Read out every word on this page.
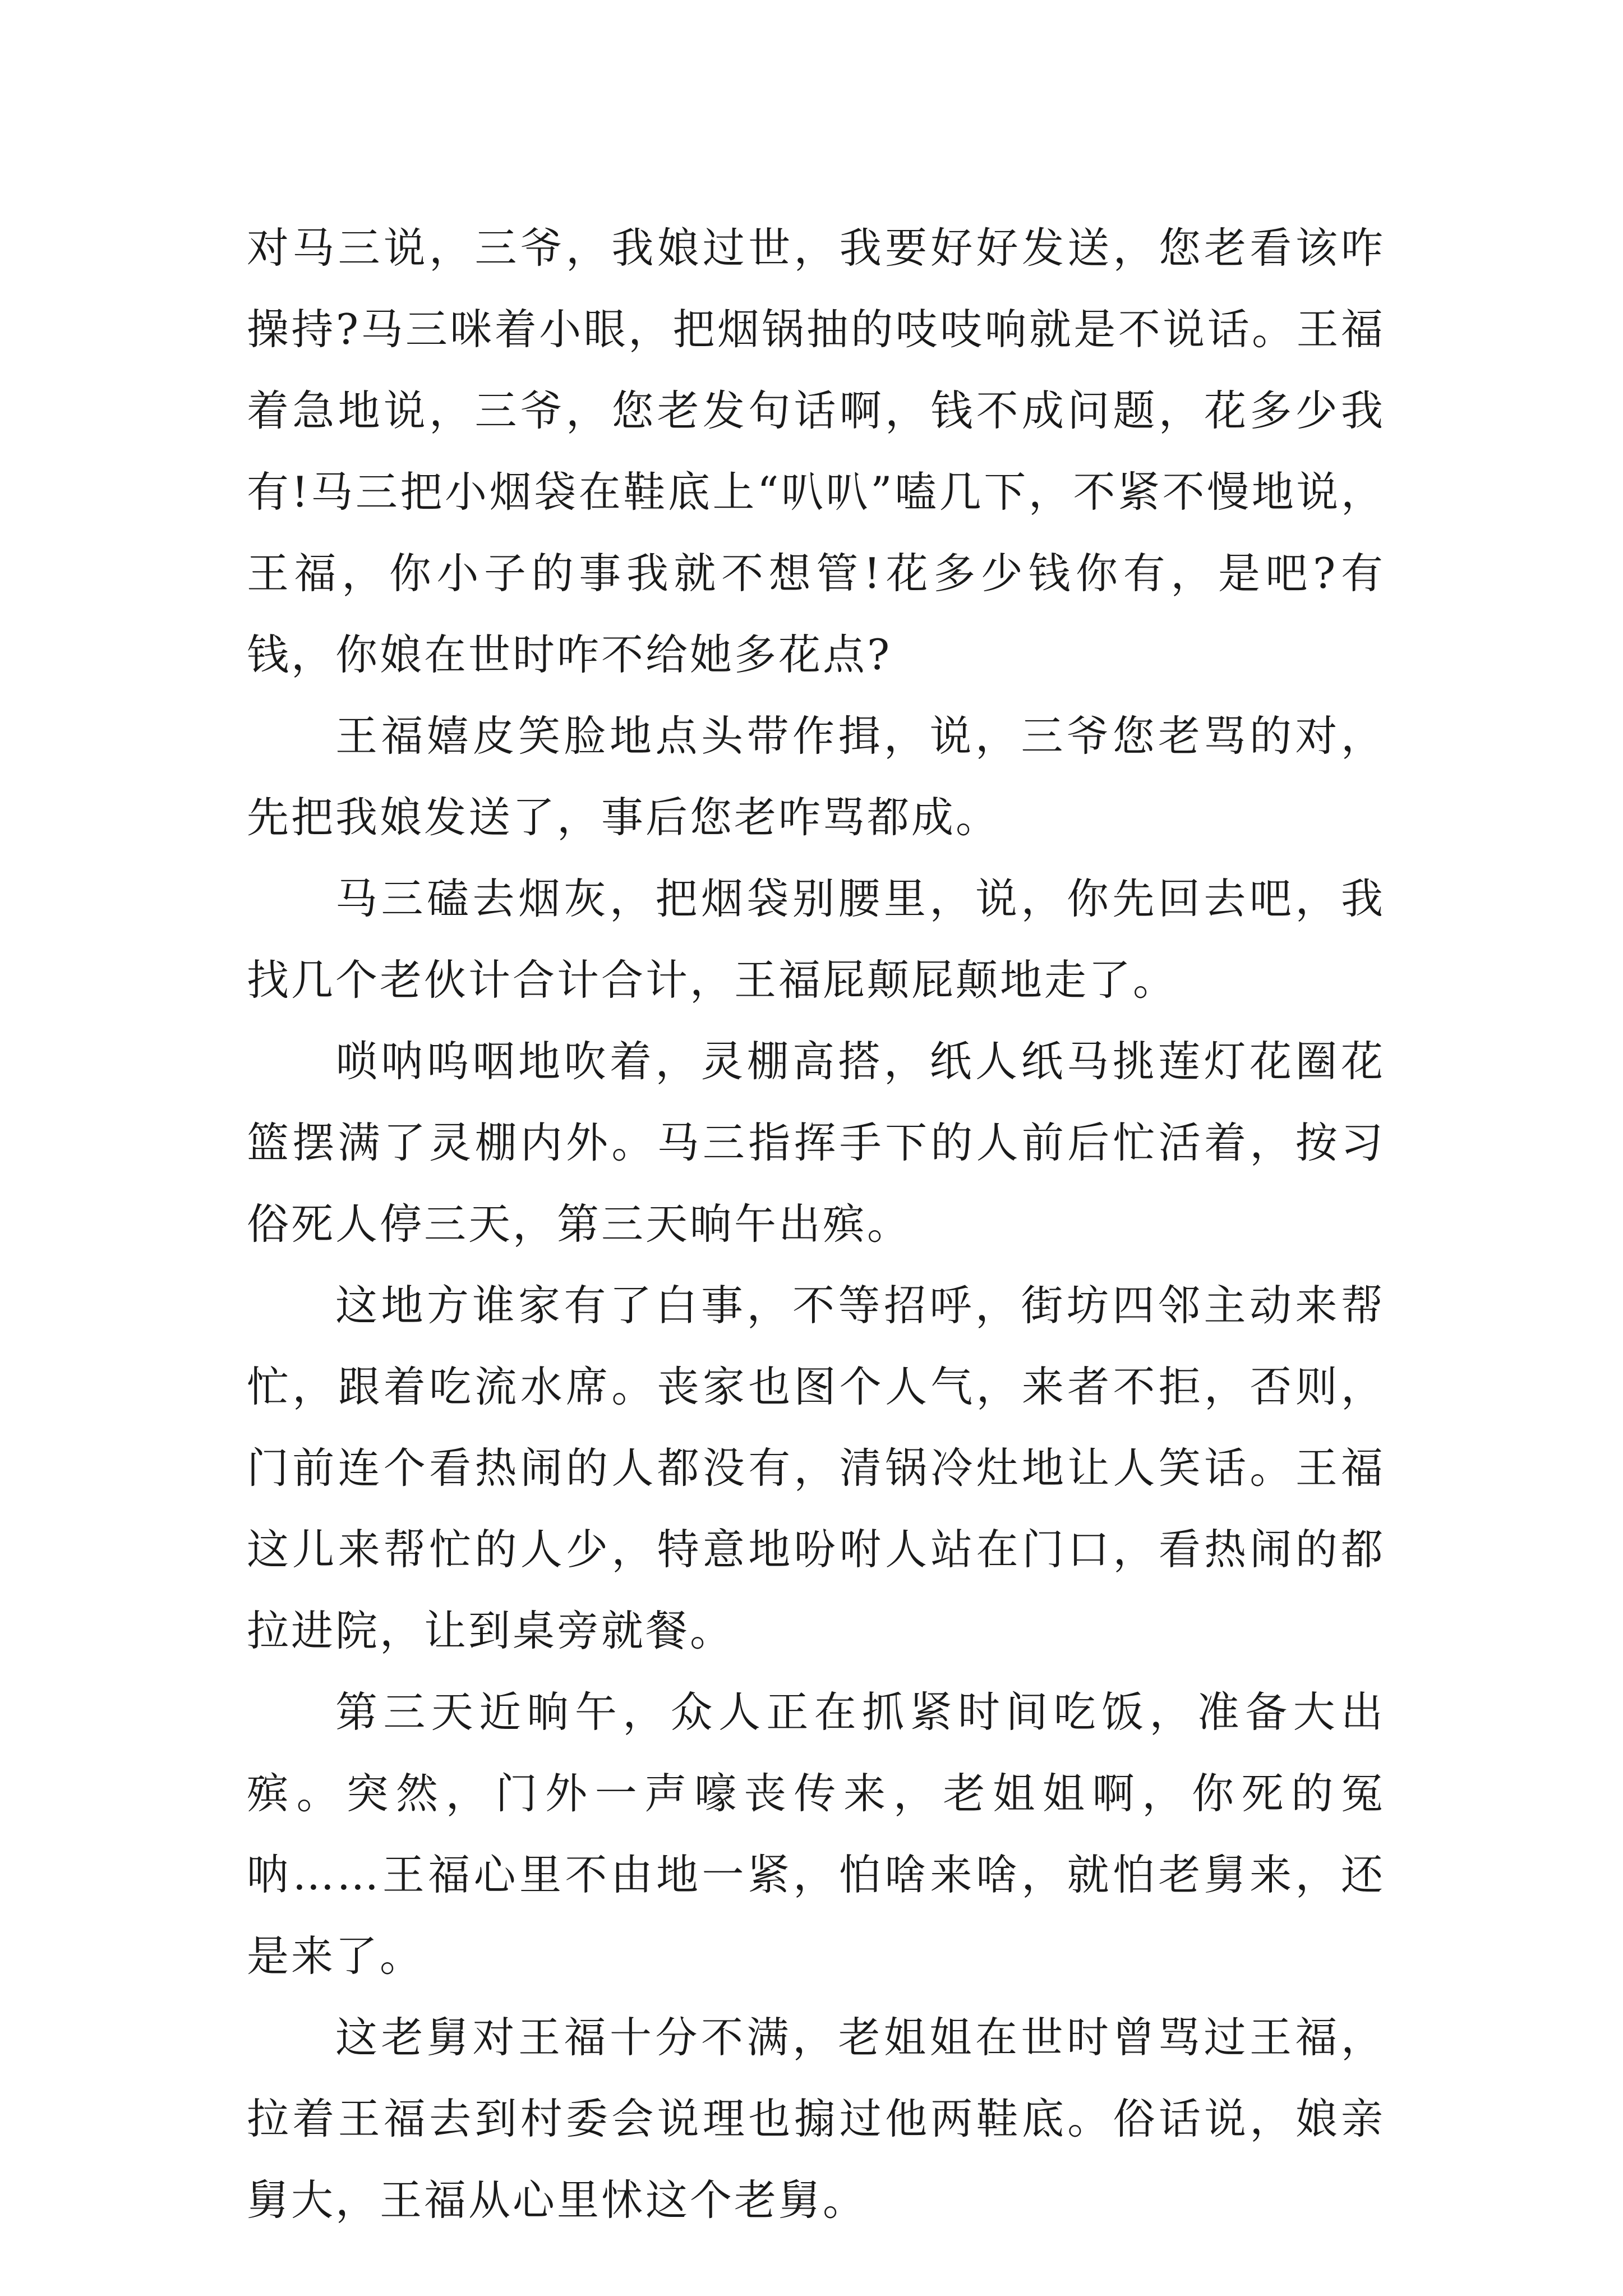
对马三说，三爷，我娘过世，我要好好发送，您老看该咋操持?马三咪着小眼，把烟锅抽的吱吱响就是不说话。王福着急地说，三爷，您老发句话啊，钱不成问题，花多少我有!马三把小烟袋在鞋底上“叭叭”嗑几下，不紧不慢地说，王福，你小子的事我就不想管!花多少钱你有，是吧?有钱，你娘在世时咋不给她多花点?

王福嬉皮笑脸地点头带作揖，说，三爷您老骂的对，先把我娘发送了，事后您老咋骂都成。

马三磕去烟灰，把烟袋别腰里，说，你先回去吧，我找几个老伙计合计合计，王福屁颠屁颠地走了。

唢呐呜咽地吹着，灵棚高搭，纸人纸马挑莲灯花圈花篮摆满了灵棚内外。马三指挥手下的人前后忙活着，按习俗死人停三天，第三天晌午出殡。

这地方谁家有了白事，不等招呼，街坊四邻主动来帮忙，跟着吃流水席。丧家也图个人气，来者不拒，否则，门前连个看热闹的人都没有，清锅冷灶地让人笑话。王福这儿来帮忙的人少，特意地吩咐人站在门口，看热闹的都拉进院，让到桌旁就餐。

第三天近晌午，众人正在抓紧时间吃饭，准备大出殡。突然，门外一声嚎丧传来，老姐姐啊，你死的冤呐……王福心里不由地一紧，怕啥来啥，就怕老舅来，还是来了。

这老舅对王福十分不满，老姐姐在世时曾骂过王福，拉着王福去到村委会说理也搧过他两鞋底。俗话说，娘亲舅大，王福从心里怵这个老舅。
